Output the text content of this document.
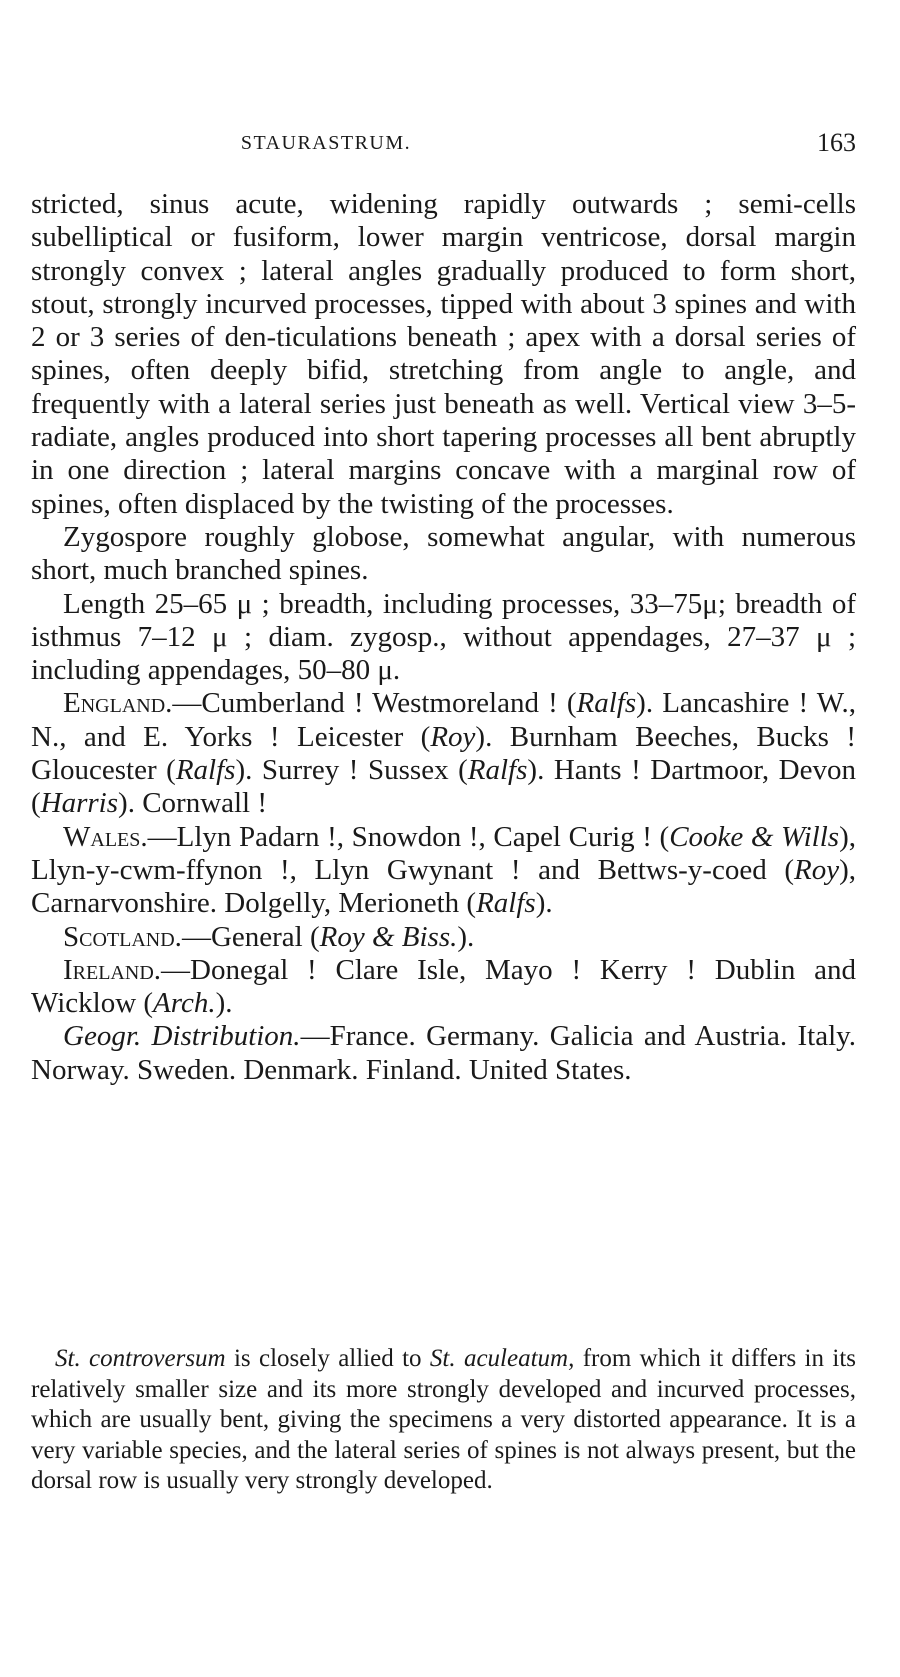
STAURASTRUM.	163

stricted, sinus acute, widening rapidly outwards ; semi-cells subelliptical or fusiform, lower margin ventricose, dorsal margin strongly convex ; lateral angles gradually produced to form short, stout, strongly incurved processes, tipped with about 3 spines and with 2 or 3 series of den-ticulations beneath ; apex with a dorsal series of spines, often deeply bifid, stretching from angle to angle, and frequently with a lateral series just beneath as well. Vertical view 3–5-radiate, angles produced into short tapering processes all bent abruptly in one direction ; lateral margins concave with a marginal row of spines, often displaced by the twisting of the processes.

Zygospore roughly globose, somewhat angular, with numerous short, much branched spines.

Length 25–65 μ ; breadth, including processes, 33–75μ; breadth of isthmus 7–12 μ ; diam. zygosp., without appendages, 27–37 μ ; including appendages, 50–80 μ.

England.—Cumberland ! Westmoreland ! (Ralfs). Lancashire ! W., N., and E. Yorks ! Leicester (Roy). Burnham Beeches, Bucks ! Gloucester (Ralfs). Surrey ! Sussex (Ralfs). Hants ! Dartmoor, Devon (Harris). Cornwall !

Wales.—Llyn Padarn !, Snowdon !, Capel Curig ! (Cooke & Wills), Llyn-y-cwm-ffynon !, Llyn Gwynant ! and Bettws-y-coed (Roy), Carnarvonshire. Dolgelly, Merioneth (Ralfs).

Scotland.—General (Roy & Biss.).

Ireland.—Donegal ! Clare Isle, Mayo ! Kerry ! Dublin and Wicklow (Arch.).

Geogr. Distribution.—France. Germany. Galicia and Austria. Italy. Norway. Sweden. Denmark. Finland. United States.

St. controversum is closely allied to St. aculeatum, from which it differs in its relatively smaller size and its more strongly developed and incurved processes, which are usually bent, giving the specimens a very distorted appearance. It is a very variable species, and the lateral series of spines is not always present, but the dorsal row is usually very strongly developed.
